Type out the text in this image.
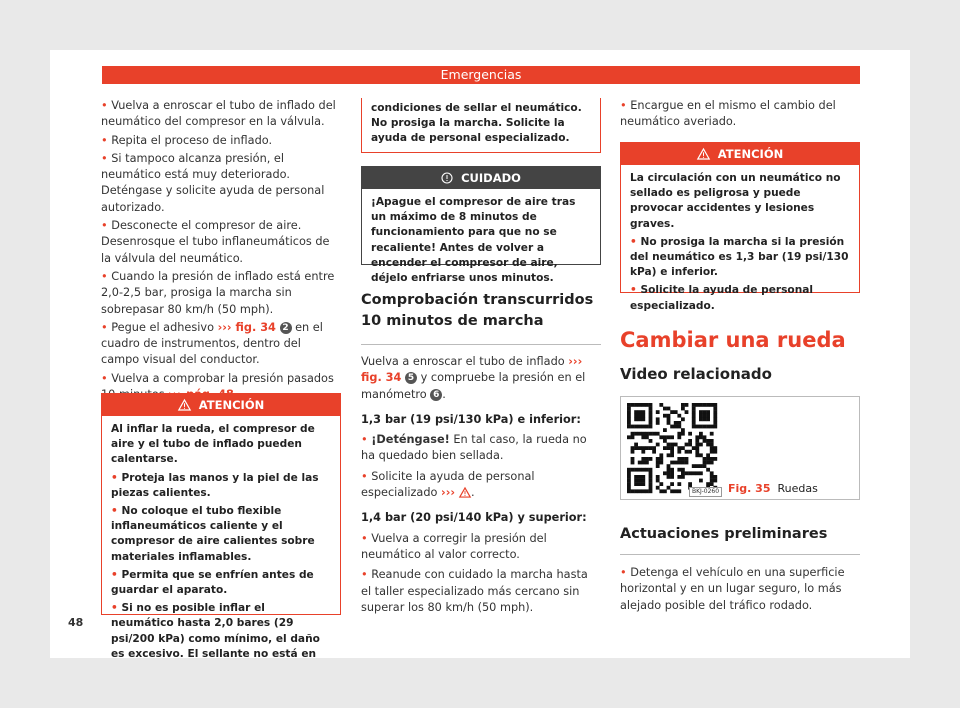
Emergencias

• Vuelva a enroscar el tubo de inflado del neumático del compresor en la válvula.

• Repita el proceso de inflado.

• Si tampoco alcanza presión, el neumático está muy deteriorado. Deténgase y solicite ayuda de personal autorizado.

• Desconecte el compresor de aire. Desenrosque el tubo inflaneumáticos de la válvula del neumático.

• Cuando la presión de inflado está entre 2,0-2,5 bar, prosiga la marcha sin sobrepasar 80 km/h (50 mph).

• Pegue el adhesivo ››› fig. 34 2 en el cuadro de instrumentos, dentro del campo visual del conductor.

• Vuelva a comprobar la presión pasados

ATENCIÓN

Al inflar la rueda, el compresor de aire y el tubo de inflado pueden calentarse.

• Proteja las manos y la piel de las piezas calientes.

• No coloque el tubo flexible inflaneumáticos caliente y el compresor de aire calientes sobre materiales inflamables.

• Permita que se enfríen antes de guardar el aparato.

• Si no es posible inflar el neumático hasta 2,0 bares (29 psi/200 kPa) como mínimo, el daño es excesivo. El sellante no está en

condiciones de sellar el neumático. No prosiga la marcha. Solicite la ayuda de personal especializado.
CUIDADO
¡Apague el compresor de aire tras un máximo de 8 minutos de funcionamiento para que no se recaliente! Antes de volver a encender el compresor de aire, déjelo enfriarse unos minutos.
Comprobación transcurridos 10 minutos de marcha

Vuelva a enroscar el tubo de inflado ››› fig. 34 5 y compruebe la presión en el manómetro 6 .

1,3 bar (19 psi/130 kPa) e inferior:

• ¡Deténgase! En tal caso, la rueda no ha quedado bien sellada.

• Solicite la ayuda de personal especializado ››› .

1,4 bar (20 psi/140 kPa) y superior:

• Vuelva a corregir la presión del neumático al valor correcto.

• Reanude con cuidado la marcha hasta el taller especializado más cercano sin superar los 80 km/h (50 mph).

• Encargue en el mismo el cambio del neumático averiado.

ATENCIÓN

La circulación con un neumático no sellado es peligrosa y puede provocar accidentes y lesiones graves.

• No prosiga la marcha si la presión del neumático es 1,3 bar (19 psi/130 kPa) e inferior.

• Solicite la ayuda de personal especializado.

Cambiar una rueda
Video relacionado
BKJ-0260 Fig. 35 Ruedas
Actuaciones preliminares

• Detenga el vehículo en una superficie horizontal y en un lugar seguro, lo más alejado posible del tráfico rodado.

48
